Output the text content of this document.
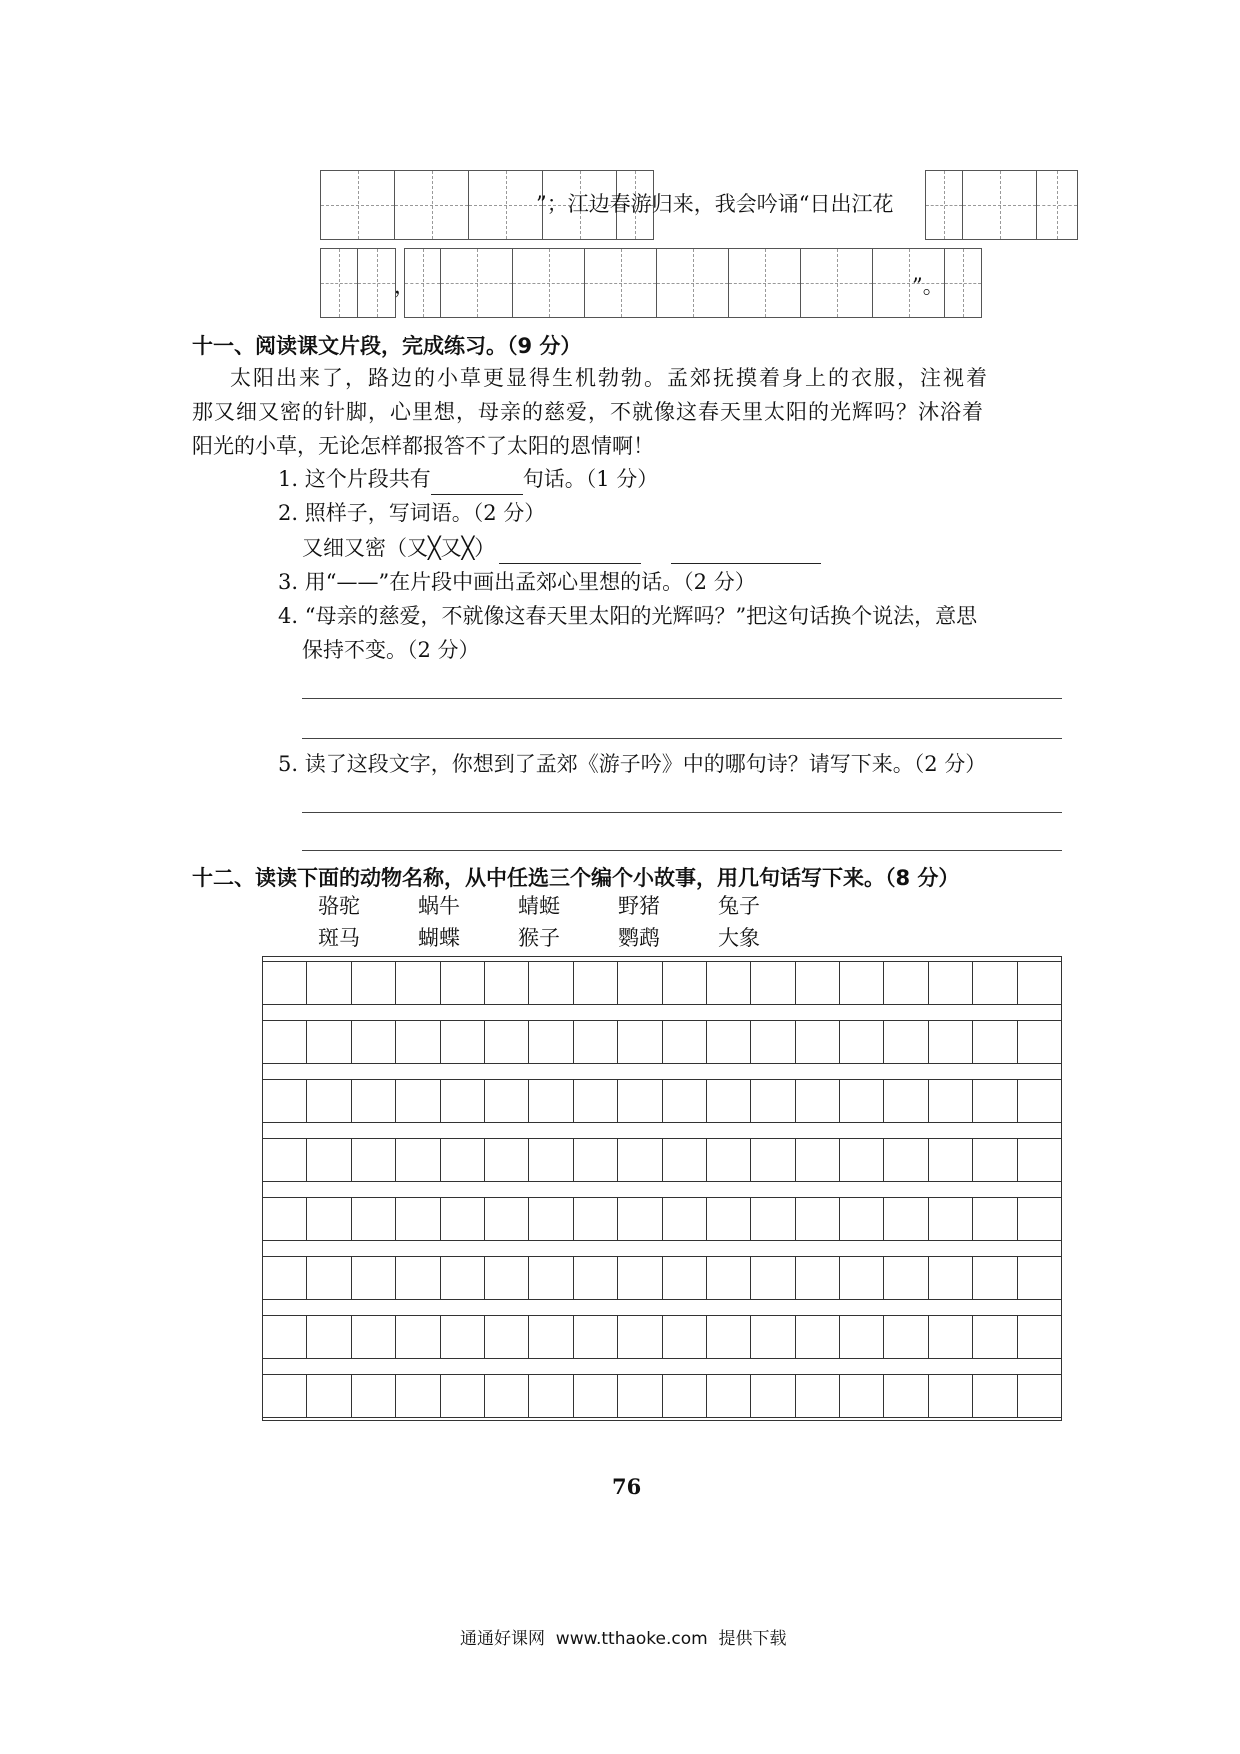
”；江边春游归来，我会吟诵“日出江花
，	”。
十一、阅读课文片段，完成练习。（9 分）
太阳出来了，路边的小草更显得生机勃勃。孟郊抚摸着身上的衣服，注视着
那又细又密的针脚，心里想，母亲的慈爱，不就像这春天里太阳的光辉吗？沐浴着
阳光的小草，无论怎样都报答不了太阳的恩情啊！
1. 这个片段共有	句话。（1 分）
2. 照样子，写词语。（2 分）
又细又密（又╳又╳）
3. 用“——”在片段中画出孟郊心里想的话。（2 分）
4. “母亲的慈爱，不就像这春天里太阳的光辉吗？”把这句话换个说法，意思
保持不变。（2 分）
5. 读了这段文字，你想到了孟郊《游子吟》中的哪句诗？请写下来。（2 分）
十二、读读下面的动物名称，从中任选三个编个小故事，用几句话写下来。（8 分）
骆驼	蜗牛	蜻蜓	野猪	兔子
斑马	蝴蝶	猴子	鹦鹉	大象
76
通通好课网  www.tthaoke.com  提供下载
